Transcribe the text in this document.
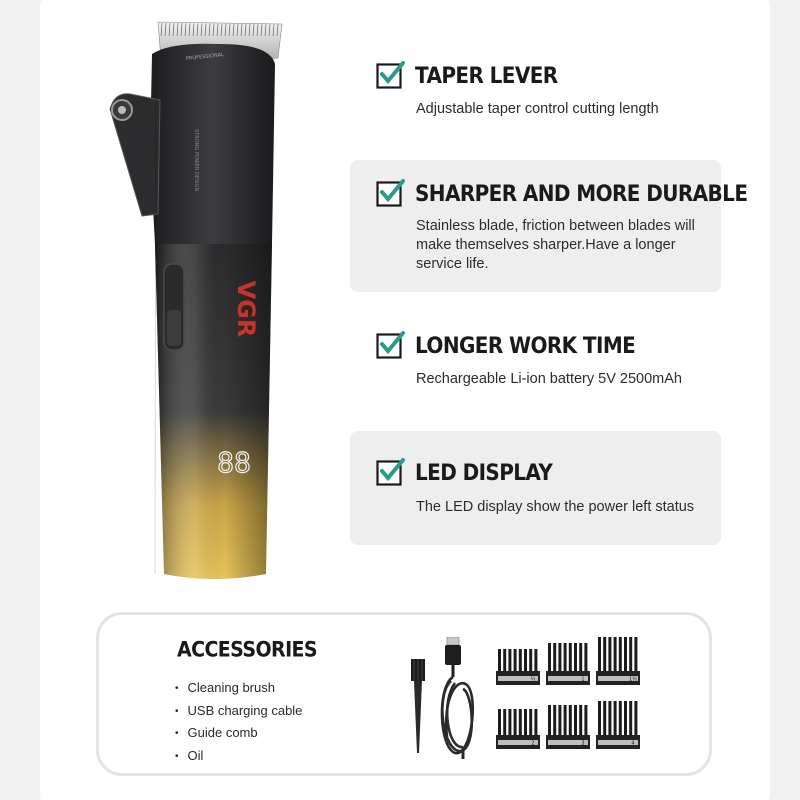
PROFESSIONAL
STRONG POWER DESIGN
VGR
88
TAPER LEVER
Adjustable taper control cutting length
SHARPER AND MORE DURABLE
Stainless blade, friction between blades will
make themselves sharper.Have a longer
service life.
LONGER WORK TIME
Rechargeable Li-ion battery 5V 2500mAh
LED DISPLAY
The LED display show the power left status
ACCESSORIES
• Cleaning brush
• USB charging cable
• Guide comb
• Oil
½	1	1½
2	3	4
